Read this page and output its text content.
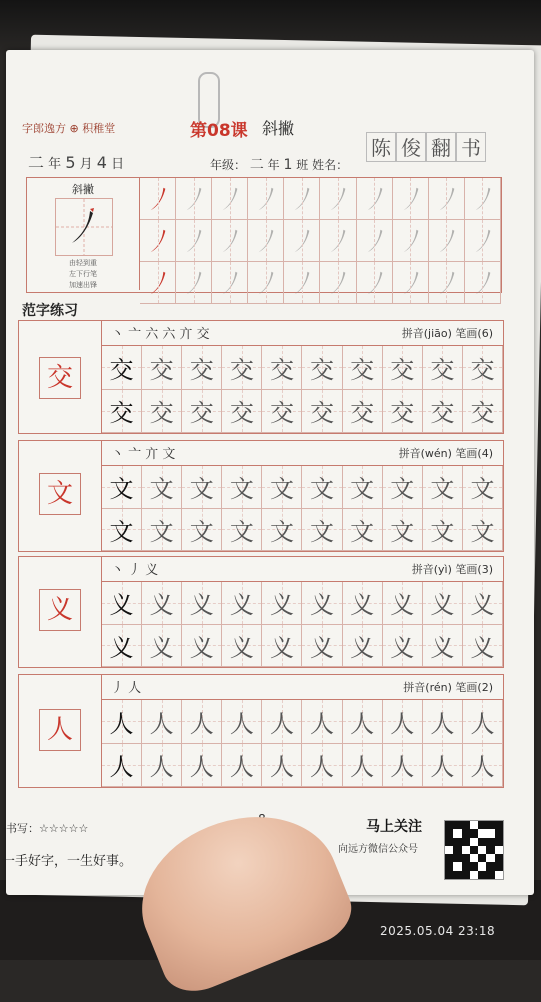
字郎逸方 ⊕ 积稚堂	第08课 斜撇
陈 俊 翻 书
二 年 5 月 4 日	年级： 二 年 1 班 姓名：
斜撇
由轻到重
左下行笔
加速出锋
范字练习
交
丶 亠 六 六 亣 交	拼音(jiāo) 笔画(6)
交 交 交 交 交 交 交 交 交 交
交 交 交 交 交 交 交 交 交 交
文
丶 亠 亣 文	拼音(wén) 笔画(4)
文 文 文 文 文 文 文 文 文 文
文 文 文 文 文 文 文 文 文 文
义
丶 丿 义	拼音(yì) 笔画(3)
义 义 义 义 义 义 义 义 义 义
义 义 义 义 义 义 义 义 义 义
人
丿 人	拼音(rén) 笔画(2)
人 人 人 人 人 人 人 人 人 人
人 人 人 人 人 人 人 人 人 人
书写：☆☆☆☆☆
一手好字，一生好事。
马上关注
向远方微信公众号
2025.05.04 23:18
